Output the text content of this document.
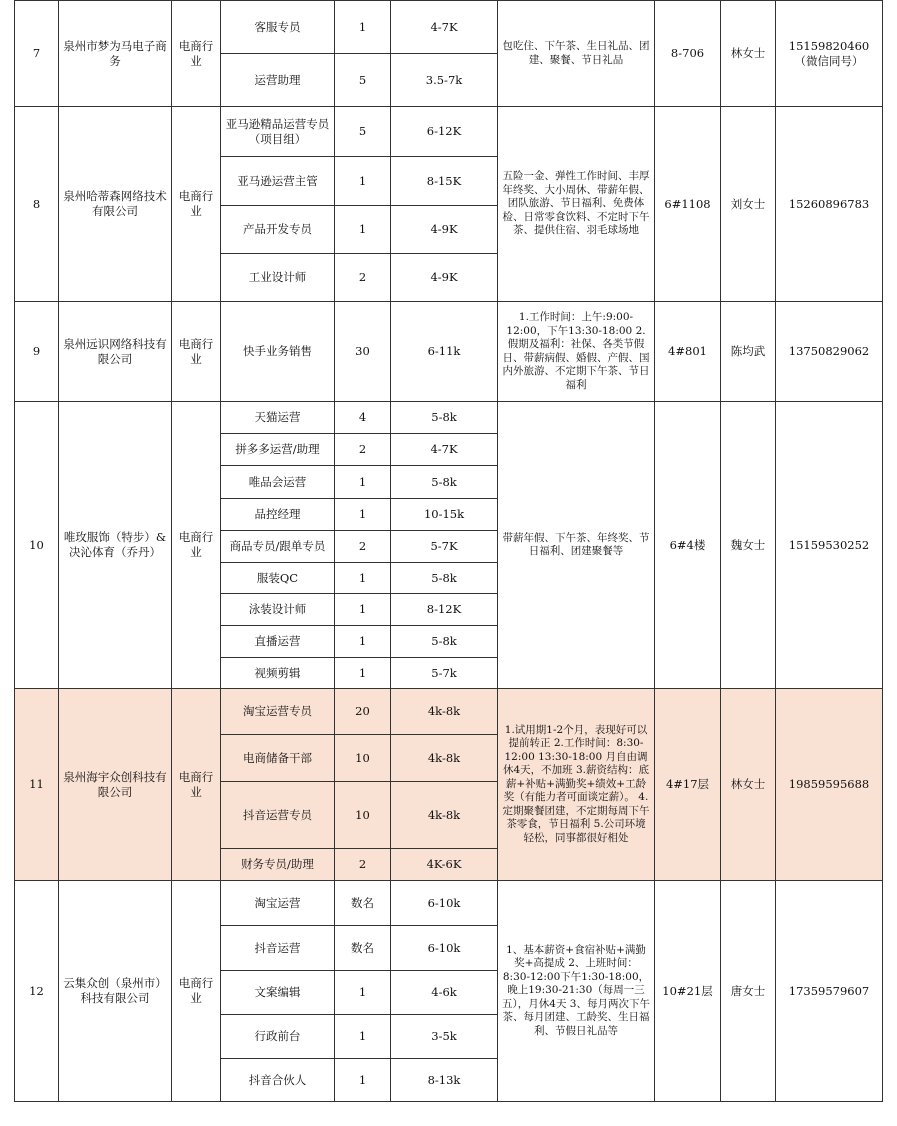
7	泉州市梦为马电子商务	电商行业	客服专员	1	4-7K	包吃住、下午茶、生日礼品、团建、聚餐、节日礼品	8-706	林女士	15159820460（微信同号）
			运营助理	5	3.5-7k				
8	泉州哈蒂森网络技术有限公司	电商行业	亚马逊精品运营专员（项目组）	5	6-12K	五险一金、弹性工作时间、丰厚年终奖、大小周休、带薪年假、团队旅游、节日福利、免费体检、日常零食饮料、不定时下午茶、提供住宿、羽毛球场地	6#1108	刘女士	15260896783
			亚马逊运营主管	1	8-15K				
			产品开发专员	1	4-9K				
			工业设计师	2	4-9K				
9	泉州远识网络科技有限公司	电商行业	快手业务销售	30	6-11k	1.工作时间：上午:9:00-12:00，下午13:30-18:00 2.假期及福利：社保、各类节假日、带薪病假、婚假、产假、国内外旅游、不定期下午茶、节日福利	4#801	陈均武	13750829062
10	唯玫服饰（特步）& 决沁体育（乔丹）	电商行业	天猫运营	4	5-8k	带薪年假、下午茶、年终奖、节日福利、团建聚餐等	6#4楼	魏女士	15159530252
			拼多多运营/助理	2	4-7K				
			唯品会运营	1	5-8k				
			品控经理	1	10-15k				
			商品专员/跟单专员	2	5-7K				
			服装QC	1	5-8k				
			泳装设计师	1	8-12K				
			直播运营	1	5-8k				
			视频剪辑	1	5-7k				
11	泉州海宇众创科技有限公司	电商行业	淘宝运营专员	20	4k-8k	1.试用期1-2个月，表现好可以提前转正 2.工作时间：8:30-12:00 13:30-18:00 月自由调休4天，不加班 3.薪资结构：底薪+补贴+满勤奖+绩效+工龄奖（有能力者可面谈定薪）。 4.定期聚餐团建，不定期每周下午茶零食，节日福利 5.公司环境轻松，同事都很好相处	4#17层	林女士	19859595688
			电商储备干部	10	4k-8k				
			抖音运营专员	10	4k-8k				
			财务专员/助理	2	4K-6K				
12	云集众创（泉州市）科技有限公司	电商行业	淘宝运营	数名	6-10k	1、基本薪资+食宿补贴+满勤奖+高提成 2、上班时间：8:30-12:00下午1:30-18:00，晚上19:30-21:30（每周一三五），月休4天 3、每月两次下午茶、每月团建、工龄奖、生日福利、节假日礼品等	10#21层	唐女士	17359579607
			抖音运营	数名	6-10k				
			文案编辑	1	4-6k				
			行政前台	1	3-5k				
			抖音合伙人	1	8-13k				
